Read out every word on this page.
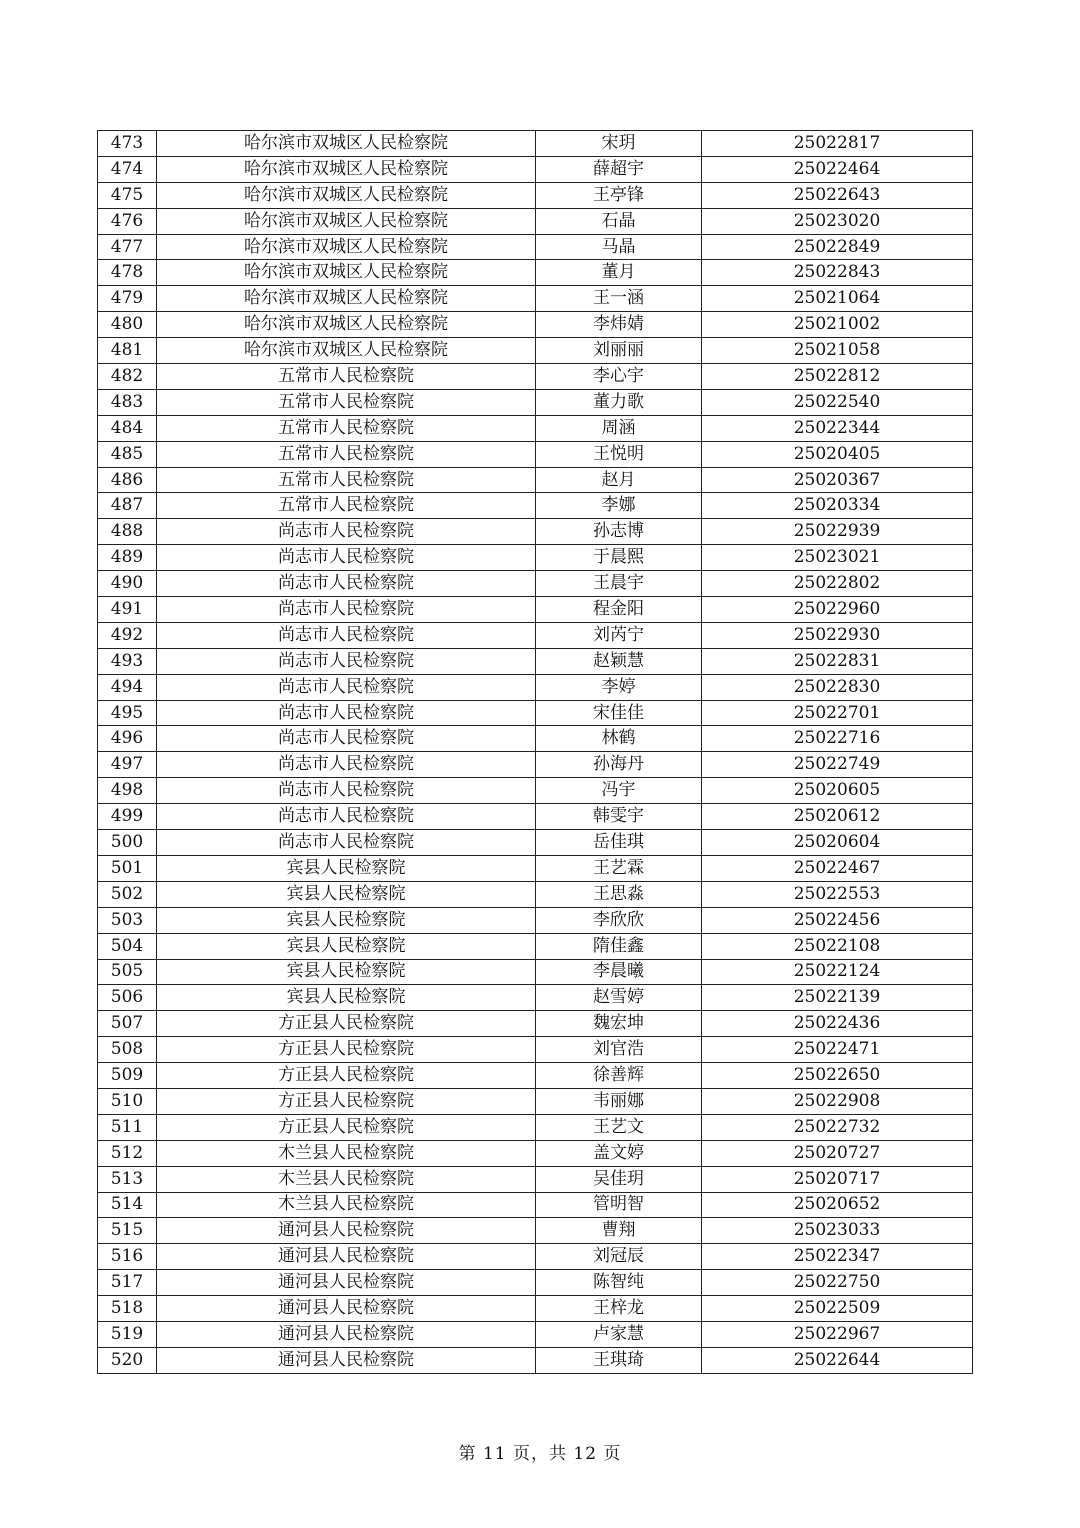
473	哈尔滨市双城区人民检察院	宋玥	25022817
474	哈尔滨市双城区人民检察院	薛超宇	25022464
475	哈尔滨市双城区人民检察院	王亭锋	25022643
476	哈尔滨市双城区人民检察院	石晶	25023020
477	哈尔滨市双城区人民检察院	马晶	25022849
478	哈尔滨市双城区人民检察院	董月	25022843
479	哈尔滨市双城区人民检察院	王一涵	25021064
480	哈尔滨市双城区人民检察院	李炜婧	25021002
481	哈尔滨市双城区人民检察院	刘丽丽	25021058
482	五常市人民检察院	李心宇	25022812
483	五常市人民检察院	董力歌	25022540
484	五常市人民检察院	周涵	25022344
485	五常市人民检察院	王悦明	25020405
486	五常市人民检察院	赵月	25020367
487	五常市人民检察院	李娜	25020334
488	尚志市人民检察院	孙志博	25022939
489	尚志市人民检察院	于晨熙	25023021
490	尚志市人民检察院	王晨宇	25022802
491	尚志市人民检察院	程金阳	25022960
492	尚志市人民检察院	刘芮宁	25022930
493	尚志市人民检察院	赵颖慧	25022831
494	尚志市人民检察院	李婷	25022830
495	尚志市人民检察院	宋佳佳	25022701
496	尚志市人民检察院	林鹤	25022716
497	尚志市人民检察院	孙海丹	25022749
498	尚志市人民检察院	冯宇	25020605
499	尚志市人民检察院	韩雯宇	25020612
500	尚志市人民检察院	岳佳琪	25020604
501	宾县人民检察院	王艺霖	25022467
502	宾县人民检察院	王思淼	25022553
503	宾县人民检察院	李欣欣	25022456
504	宾县人民检察院	隋佳鑫	25022108
505	宾县人民检察院	李晨曦	25022124
506	宾县人民检察院	赵雪婷	25022139
507	方正县人民检察院	魏宏坤	25022436
508	方正县人民检察院	刘官浩	25022471
509	方正县人民检察院	徐善辉	25022650
510	方正县人民检察院	韦丽娜	25022908
511	方正县人民检察院	王艺文	25022732
512	木兰县人民检察院	盖文婷	25020727
513	木兰县人民检察院	吴佳玥	25020717
514	木兰县人民检察院	管明智	25020652
515	通河县人民检察院	曹翔	25023033
516	通河县人民检察院	刘冠辰	25022347
517	通河县人民检察院	陈智纯	25022750
518	通河县人民检察院	王梓龙	25022509
519	通河县人民检察院	卢家慧	25022967
520	通河县人民检察院	王琪琦	25022644
第 11 页，共 12 页
